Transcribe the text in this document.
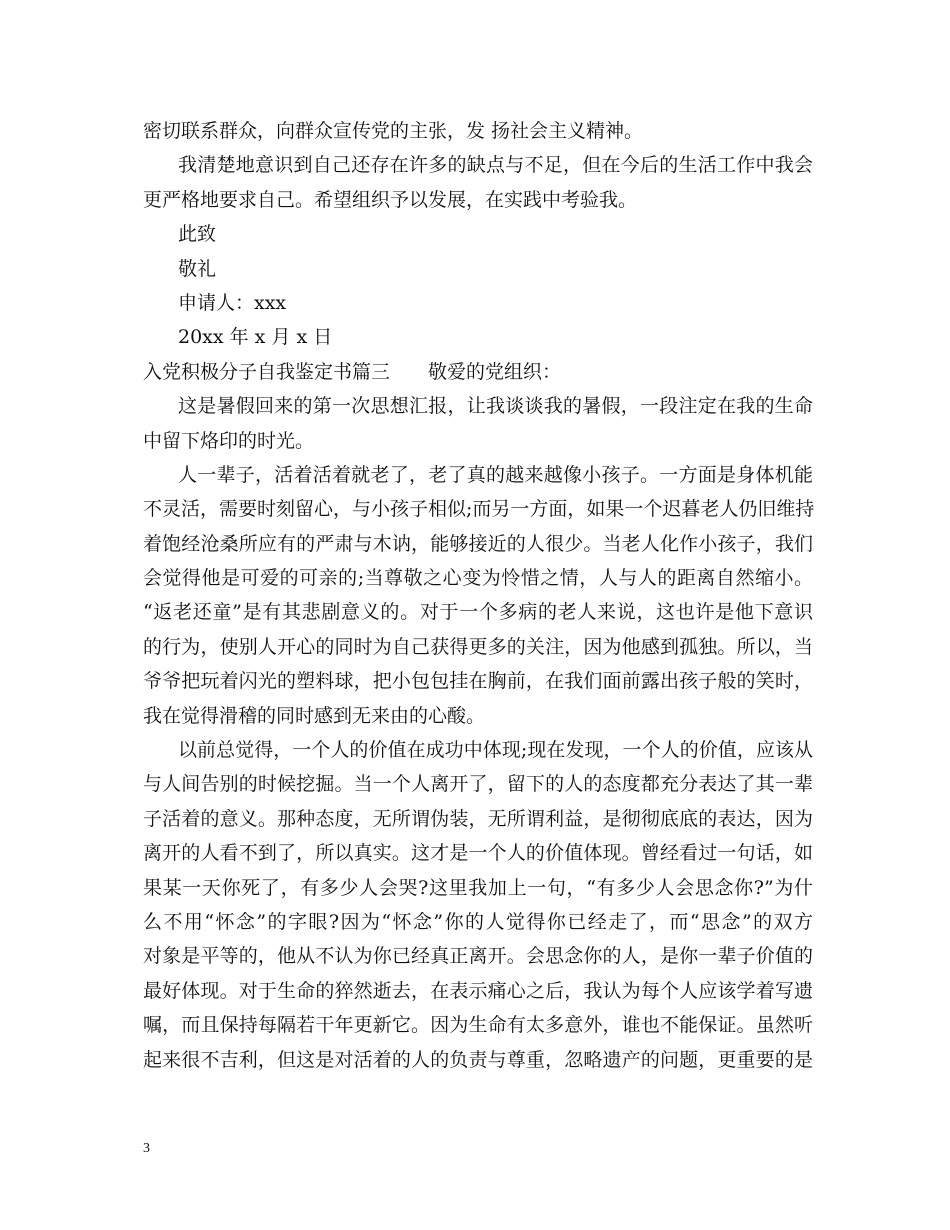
密切联系群众，向群众宣传党的主张，发 扬社会主义精神。
我清楚地意识到自己还存在许多的缺点与不足，但在今后的生活工作中我会
更严格地要求自己。希望组织予以发展，在实践中考验我。
此致
敬礼
申请人：xxx
20xx 年 x 月 x 日
入党积极分子自我鉴定书篇三　　敬爱的党组织：
这是暑假回来的第一次思想汇报，让我谈谈我的暑假，一段注定在我的生命
中留下烙印的时光。
人一辈子，活着活着就老了，老了真的越来越像小孩子。一方面是身体机能
不灵活，需要时刻留心，与小孩子相似;而另一方面，如果一个迟暮老人仍旧维持
着饱经沧桑所应有的严肃与木讷，能够接近的人很少。当老人化作小孩子，我们
会觉得他是可爱的可亲的;当尊敬之心变为怜惜之情，人与人的距离自然缩小。
“返老还童”是有其悲剧意义的。对于一个多病的老人来说，这也许是他下意识
的行为，使别人开心的同时为自己获得更多的关注，因为他感到孤独。所以，当
爷爷把玩着闪光的塑料球，把小包包挂在胸前，在我们面前露出孩子般的笑时，
我在觉得滑稽的同时感到无来由的心酸。
以前总觉得，一个人的价值在成功中体现;现在发现，一个人的价值，应该从
与人间告别的时候挖掘。当一个人离开了，留下的人的态度都充分表达了其一辈
子活着的意义。那种态度，无所谓伪装，无所谓利益，是彻彻底底的表达，因为
离开的人看不到了，所以真实。这才是一个人的价值体现。曾经看过一句话，如
果某一天你死了，有多少人会哭?这里我加上一句，“有多少人会思念你?”为什
么不用“怀念”的字眼?因为“怀念”你的人觉得你已经走了，而“思念”的双方
对象是平等的，他从不认为你已经真正离开。会思念你的人，是你一辈子价值的
最好体现。对于生命的猝然逝去，在表示痛心之后，我认为每个人应该学着写遗
嘱，而且保持每隔若干年更新它。因为生命有太多意外，谁也不能保证。虽然听
起来很不吉利，但这是对活着的人的负责与尊重，忽略遗产的问题，更重要的是
3
